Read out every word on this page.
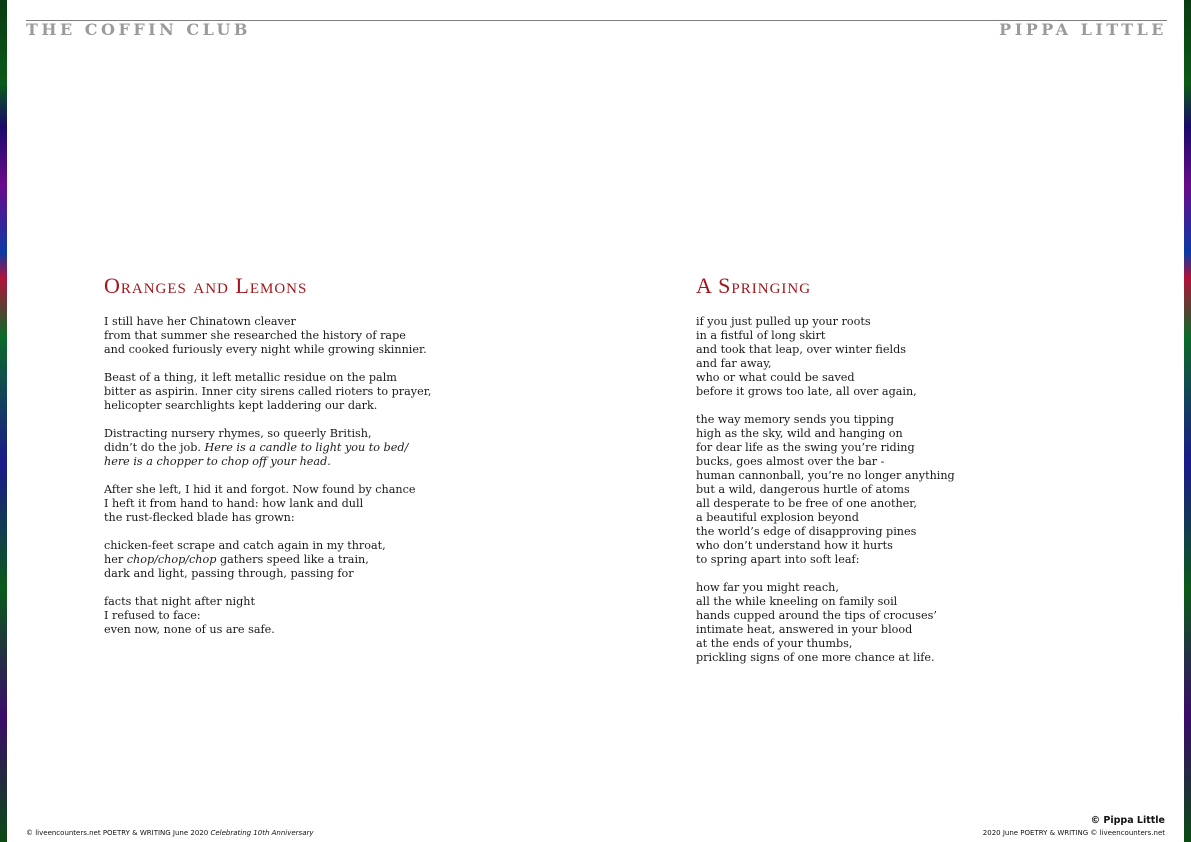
THE COFFIN CLUB	PIPPA LITTLE
Oranges and Lemons
I still have her Chinatown cleaver
from that summer she researched the history of rape
and cooked furiously every night while growing skinnier.
Beast of a thing, it left metallic residue on the palm
bitter as aspirin. Inner city sirens called rioters to prayer,
helicopter searchlights kept laddering our dark.
Distracting nursery rhymes, so queerly British,
didn’t do the job. Here is a candle to light you to bed/
here is a chopper to chop off your head.
After she left, I hid it and forgot. Now found by chance
I heft it from hand to hand: how lank and dull
the rust-flecked blade has grown:
chicken-feet scrape and catch again in my throat,
her chop/chop/chop gathers speed like a train,
dark and light, passing through, passing for
facts that night after night
I refused to face:
even now, none of us are safe.
A Springing
if you just pulled up your roots
in a fistful of long skirt
and took that leap, over winter fields
and far away,
who or what could be saved
before it grows too late, all over again,
the way memory sends you tipping
high as the sky, wild and hanging on
for dear life as the swing you’re riding
bucks, goes almost over the bar -
human cannonball, you’re no longer anything
but a wild, dangerous hurtle of atoms
all desperate to be free of one another,
a beautiful explosion beyond
the world’s edge of disapproving pines
who don’t understand how it hurts
to spring apart into soft leaf:
how far you might reach,
all the while kneeling on family soil
hands cupped around the tips of crocuses’
intimate heat, answered in your blood
at the ends of your thumbs,
prickling signs of one more chance at life.
© liveencounters.net POETRY & WRITING June 2020 Celebrating 10th Anniversary
© Pippa Little
2020 June POETRY & WRITING © liveencounters.net
